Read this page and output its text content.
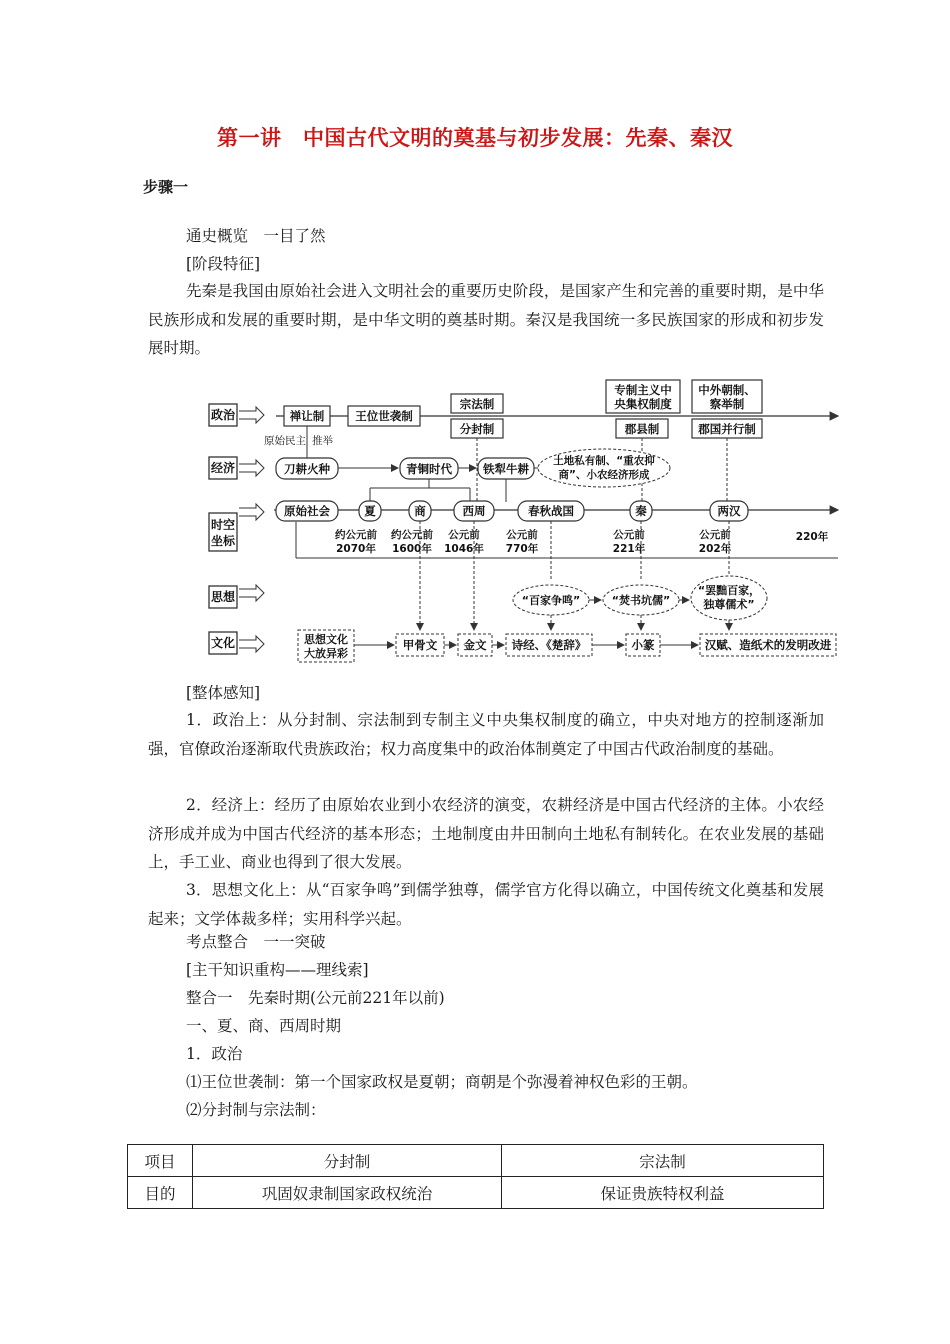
第一讲　中国古代文明的奠基与初步发展：先秦、秦汉
步骤一
通史概览　一目了然
[阶段特征]
先秦是我国由原始社会进入文明社会的重要历史阶段，是国家产生和完善的重要时期，是中华民族形成和发展的重要时期，是中华文明的奠基时期。秦汉是我国统一多民族国家的形成和初步发展时期。
政治
经济
时空
坐标
思想
文化
禅让制	王位世袭制
宗法制
分封制
专制主义中
央集权制度
郡县制
中外朝制、
察举制
郡国并行制
原始民主 推举
刀耕火种	青铜时代	铁犁牛耕
土地私有制、“重农抑
商”、小农经济形成
原始社会	夏	商	西周	春秋战国	秦	两汉
约公元前
2070年
约公元前
1600年
公元前
1046年
公元前
770年
公元前
221年
公元前
202年
220年
“百家争鸣”	“焚书坑儒”
“罢黜百家，
独尊儒术”
思想文化
大放异彩
甲骨文 金文 诗经、《楚辞》	小篆	汉赋、造纸术的发明改进
[整体感知]
1．政治上：从分封制、宗法制到专制主义中央集权制度的确立，中央对地方的控制逐渐加强，官僚政治逐渐取代贵族政治；权力高度集中的政治体制奠定了中国古代政治制度的基础。
2．经济上：经历了由原始农业到小农经济的演变，农耕经济是中国古代经济的主体。小农经济形成并成为中国古代经济的基本形态；土地制度由井田制向土地私有制转化。在农业发展的基础上，手工业、商业也得到了很大发展。
3．思想文化上：从“百家争鸣”到儒学独尊，儒学官方化得以确立，中国传统文化奠基和发展起来；文学体裁多样；实用科学兴起。
考点整合　一一突破
[主干知识重构——理线索]
整合一　先秦时期(公元前221年以前)
一、夏、商、西周时期
1．政治
⑴王位世袭制：第一个国家政权是夏朝；商朝是个弥漫着神权色彩的王朝。
⑵分封制与宗法制：
项目	分封制	宗法制
目的	巩固奴隶制国家政权统治	保证贵族特权利益
